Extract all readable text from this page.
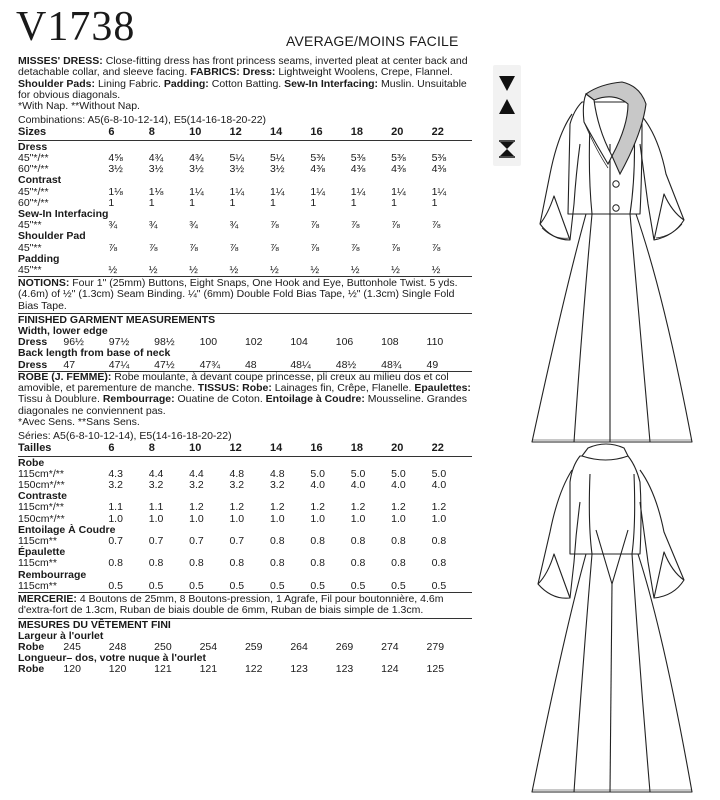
V1738	AVERAGE/MOINS FACILE

MISSES' DRESS: Close-fitting dress has front princess seams, inverted pleat at center back and detachable collar, and sleeve facing. FABRICS: Dress: Lightweight Woolens, Crepe, Flannel. Shoulder Pads: Lining Fabric. Padding: Cotton Batting. Sew-In Interfacing: Muslin. Unsuitable for obvious diagonals.
*With Nap. **Without Nap.

Combinations: A5(6-8-10-12-14), E5(14-16-18-20-22)
Sizes	6	8	10	12	14	16	18	20	22
Dress									
45"*/**	4⅝	4¾	4¾	5¼	5¼	5⅜	5⅜	5⅜	5⅜
60"*/**	3½	3½	3½	3½	3½	4⅜	4⅜	4⅜	4⅜
Contrast									
45"*/**	1⅛	1⅛	1¼	1¼	1¼	1¼	1¼	1¼	1¼
60"*/**	1	1	1	1	1	1	1	1	1
Sew-In Interfacing									
45"**	¾	¾	¾	¾	⅞	⅞	⅞	⅞	⅞
Shoulder Pad									
45"**	⅞	⅞	⅞	⅞	⅞	⅞	⅞	⅞	⅞
Padding									
45"**	½	½	½	½	½	½	½	½	½
NOTIONS: Four 1" (25mm) Buttons, Eight Snaps, One Hook and Eye, Buttonhole Twist. 5 yds. (4.6m) of ½" (1.3cm) Seam Binding. ¼" (6mm) Double Fold Bias Tape, ½" (1.3cm) Single Fold Bias Tape.
FINISHED GARMENT MEASUREMENTS
Width, lower edge									
Dress	96½	97½	98½	100	102	104	106	108	110
Back length from base of neck									
Dress	47	47¼	47½	47¾	48	48¼	48½	48¾	49

ROBE (J. FEMME): Robe moulante, à devant coupe princesse, pli creux au milieu dos et col amovible, et parementure de manche. TISSUS: Robe: Lainages fin, Crêpe, Flanelle. Epaulettes: Tissu à Doublure. Rembourrage: Ouatine de Coton. Entoilage à Coudre: Mousseline. Grandes diagonales ne conviennent pas.
*Avec Sens. **Sans Sens.

Séries: A5(6-8-10-12-14), E5(14-16-18-20-22)
Tailles	6	8	10	12	14	16	18	20	22
Robe									
115cm*/**	4.3	4.4	4.4	4.8	4.8	5.0	5.0	5.0	5.0
150cm*/**	3.2	3.2	3.2	3.2	3.2	4.0	4.0	4.0	4.0
Contraste									
115cm*/**	1.1	1.1	1.2	1.2	1.2	1.2	1.2	1.2	1.2
150cm*/**	1.0	1.0	1.0	1.0	1.0	1.0	1.0	1.0	1.0
Entoilage À Coudre									
115cm**	0.7	0.7	0.7	0.7	0.8	0.8	0.8	0.8	0.8
Épaulette									
115cm**	0.8	0.8	0.8	0.8	0.8	0.8	0.8	0.8	0.8
Rembourrage									
115cm**	0.5	0.5	0.5	0.5	0.5	0.5	0.5	0.5	0.5
MERCERIE: 4 Boutons de 25mm, 8 Boutons-pression, 1 Agrafe, Fil pour boutonnière, 4.6m d'extra-fort de 1.3cm, Ruban de biais double de 6mm, Ruban de biais simple de 1.3cm.
MESURES DU VÊTEMENT FINI
Largeur à l'ourlet									
Robe	245	248	250	254	259	264	269	274	279
Longueur– dos, votre nuque à l'ourlet									
Robe	120	120	121	121	122	123	123	124	125
